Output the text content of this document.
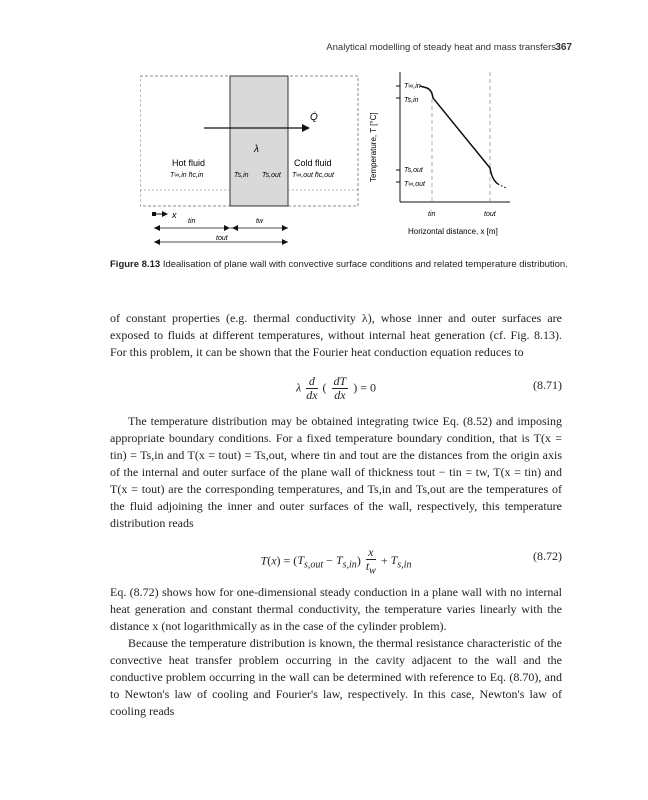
Analytical modelling of steady heat and mass transfers 367
Q̇
λ
Hot fluid
T∞,in h̄c,in
Cold fluid
T∞,out h̄c,out
Ts,in Ts,out
x
tin	tw
tout
Temperature, T [°C]
T∞,in
Ts,in
Ts,out
T∞,out
tin	tout
Horizontal distance, x [m]
Figure 8.13 Idealisation of plane wall with convective surface conditions and related temperature distribution.

of constant properties (e.g. thermal conductivity λ), whose inner and outer surfaces are exposed to fluids at different temperatures, without internal heat generation (cf. Fig. 8.13). For this problem, it can be shown that the Fourier heat conduction equation reduces to

λ $\frac{d}{dx}$ ( $\frac{dT}{dx}$ ) = 0	(8.71)

The temperature distribution may be obtained integrating twice Eq. (8.52) and imposing appropriate boundary conditions. For a fixed temperature boundary condition, that is T(x = tin) = Ts,in and T(x = tout) = Ts,out, where tin and tout are the distances from the origin axis of the internal and outer surface of the plane wall of thickness tout − tin = tw, T(x = tin) and T(x = tout) are the corresponding temperatures, and Ts,in and Ts,out are the temperatures of the fluid adjoining the inner and outer surfaces of the wall, respectively, this temperature distribution reads

$T(x) = (T_{s,out} - T_{s,in}) \frac{x}{t_w} + T_{s,in}$
(8.72)

Eq. (8.72) shows how for one-dimensional steady conduction in a plane wall with no internal heat generation and constant thermal conductivity, the temperature varies linearly with the distance x (not logarithmically as in the case of the cylinder problem).

Because the temperature distribution is known, the thermal resistance characteristic of the convective heat transfer problem occurring in the cavity adjacent to the wall and the conductive problem occurring in the wall can be determined with reference to Eq. (8.70), and to Newton's law of cooling and Fourier's law, respectively. In this case, Newton's law of cooling reads
